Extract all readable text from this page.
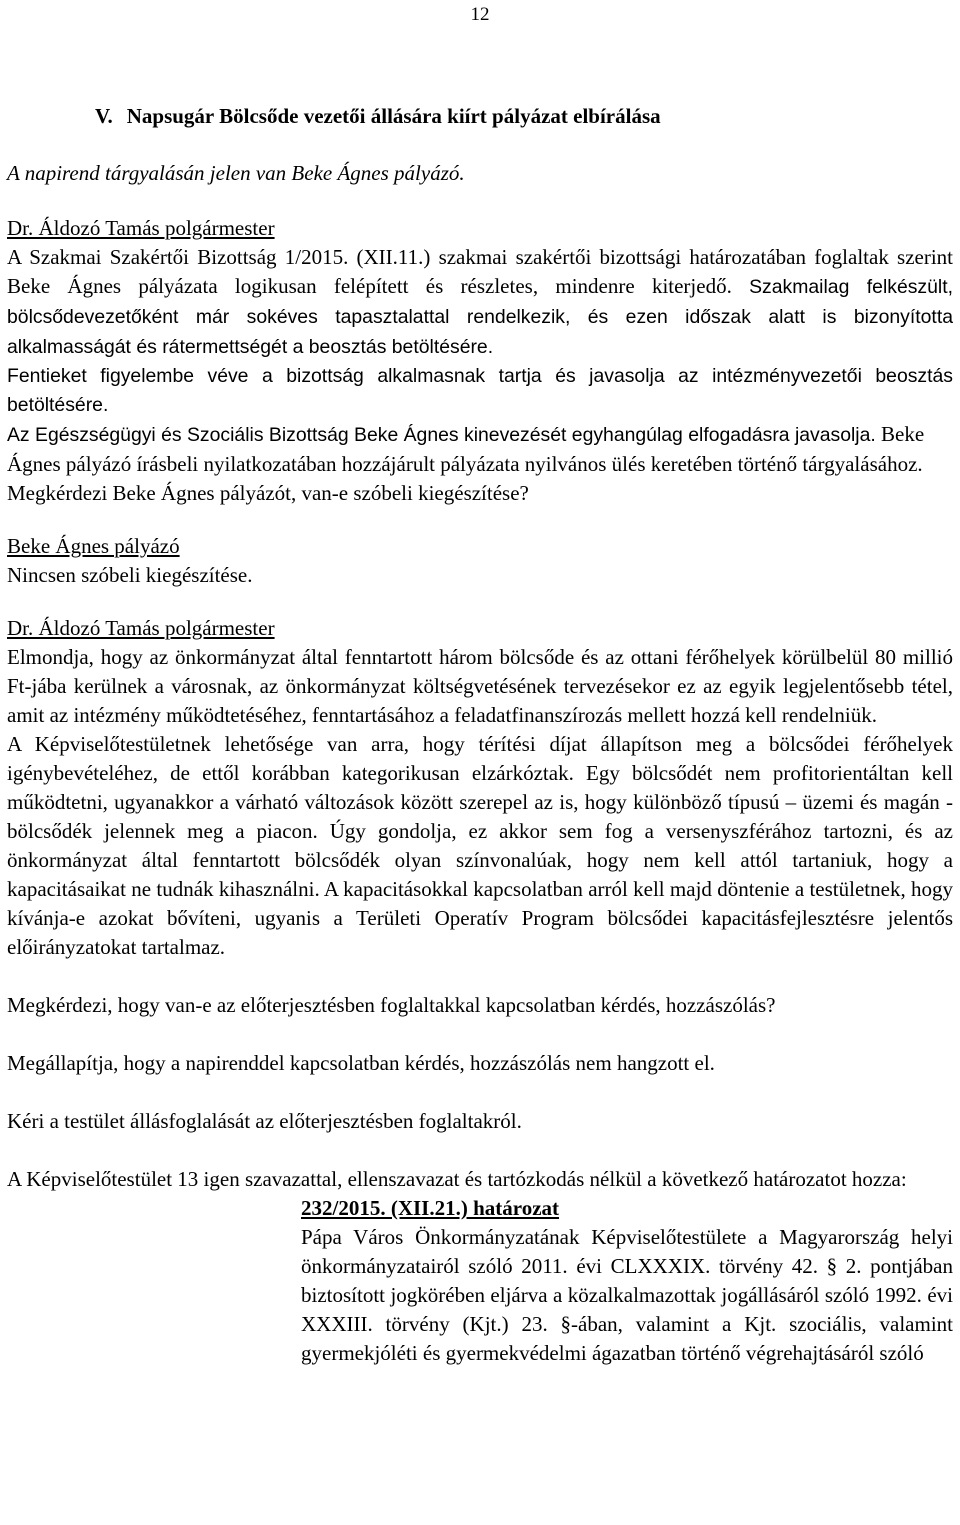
12
V. Napsugár Bölcsőde vezetői állására kiírt pályázat elbírálása

A napirend tárgyalásán jelen van Beke Ágnes pályázó.

Dr. Áldozó Tamás polgármester

A Szakmai Szakértői Bizottság 1/2015. (XII.11.) szakmai szakértői bizottsági határozatában foglaltak szerint Beke Ágnes pályázata logikusan felépített és részletes, mindenre kiterjedő. Szakmailag felkészült, bölcsődevezetőként már sokéves tapasztalattal rendelkezik, és ezen időszak alatt is bizonyította alkalmasságát és rátermettségét a beosztás betöltésére.

Fentieket figyelembe véve a bizottság alkalmasnak tartja és javasolja az intézményvezetői beosztás betöltésére.

Az Egészségügyi és Szociális Bizottság Beke Ágnes kinevezését egyhangúlag elfogadásra javasolja. Beke Ágnes pályázó írásbeli nyilatkozatában hozzájárult pályázata nyilvános ülés keretében történő tárgyalásához.

Megkérdezi Beke Ágnes pályázót, van-e szóbeli kiegészítése?

Beke Ágnes pályázó

Nincsen szóbeli kiegészítése.

Dr. Áldozó Tamás polgármester

Elmondja, hogy az önkormányzat által fenntartott három bölcsőde és az ottani férőhelyek körülbelül 80 millió Ft-jába kerülnek a városnak, az önkormányzat költségvetésének tervezésekor ez az egyik legjelentősebb tétel, amit az intézmény működtetéséhez, fenntartásához a feladatfinanszírozás mellett hozzá kell rendelniük.

A Képviselőtestületnek lehetősége van arra, hogy térítési díjat állapítson meg a bölcsődei férőhelyek igénybevételéhez, de ettől korábban kategorikusan elzárkóztak. Egy bölcsődét nem profitorientáltan kell működtetni, ugyanakkor a várható változások között szerepel az is, hogy különböző típusú – üzemi és magán - bölcsődék jelennek meg a piacon. Úgy gondolja, ez akkor sem fog a versenyszférához tartozni, és az önkormányzat által fenntartott bölcsődék olyan színvonalúak, hogy nem kell attól tartaniuk, hogy a kapacitásaikat ne tudnák kihasználni. A kapacitásokkal kapcsolatban arról kell majd döntenie a testületnek, hogy kívánja-e azokat bővíteni, ugyanis a Területi Operatív Program bölcsődei kapacitásfejlesztésre jelentős előirányzatokat tartalmaz.

Megkérdezi, hogy van-e az előterjesztésben foglaltakkal kapcsolatban kérdés, hozzászólás?

Megállapítja, hogy a napirenddel kapcsolatban kérdés, hozzászólás nem hangzott el.

Kéri a testület állásfoglalását az előterjesztésben foglaltakról.

A Képviselőtestület 13 igen szavazattal, ellenszavazat és tartózkodás nélkül a következő határozatot hozza:

232/2015. (XII.21.) határozat

Pápa Város Önkormányzatának Képviselőtestülete a Magyarország helyi önkormányzatairól szóló 2011. évi CLXXXIX. törvény 42. § 2. pontjában biztosított jogkörében eljárva a közalkalmazottak jogállásáról szóló 1992. évi XXXIII. törvény (Kjt.) 23. §-ában, valamint a Kjt. szociális, valamint gyermekjóléti és gyermekvédelmi ágazatban történő végrehajtásáról szóló
